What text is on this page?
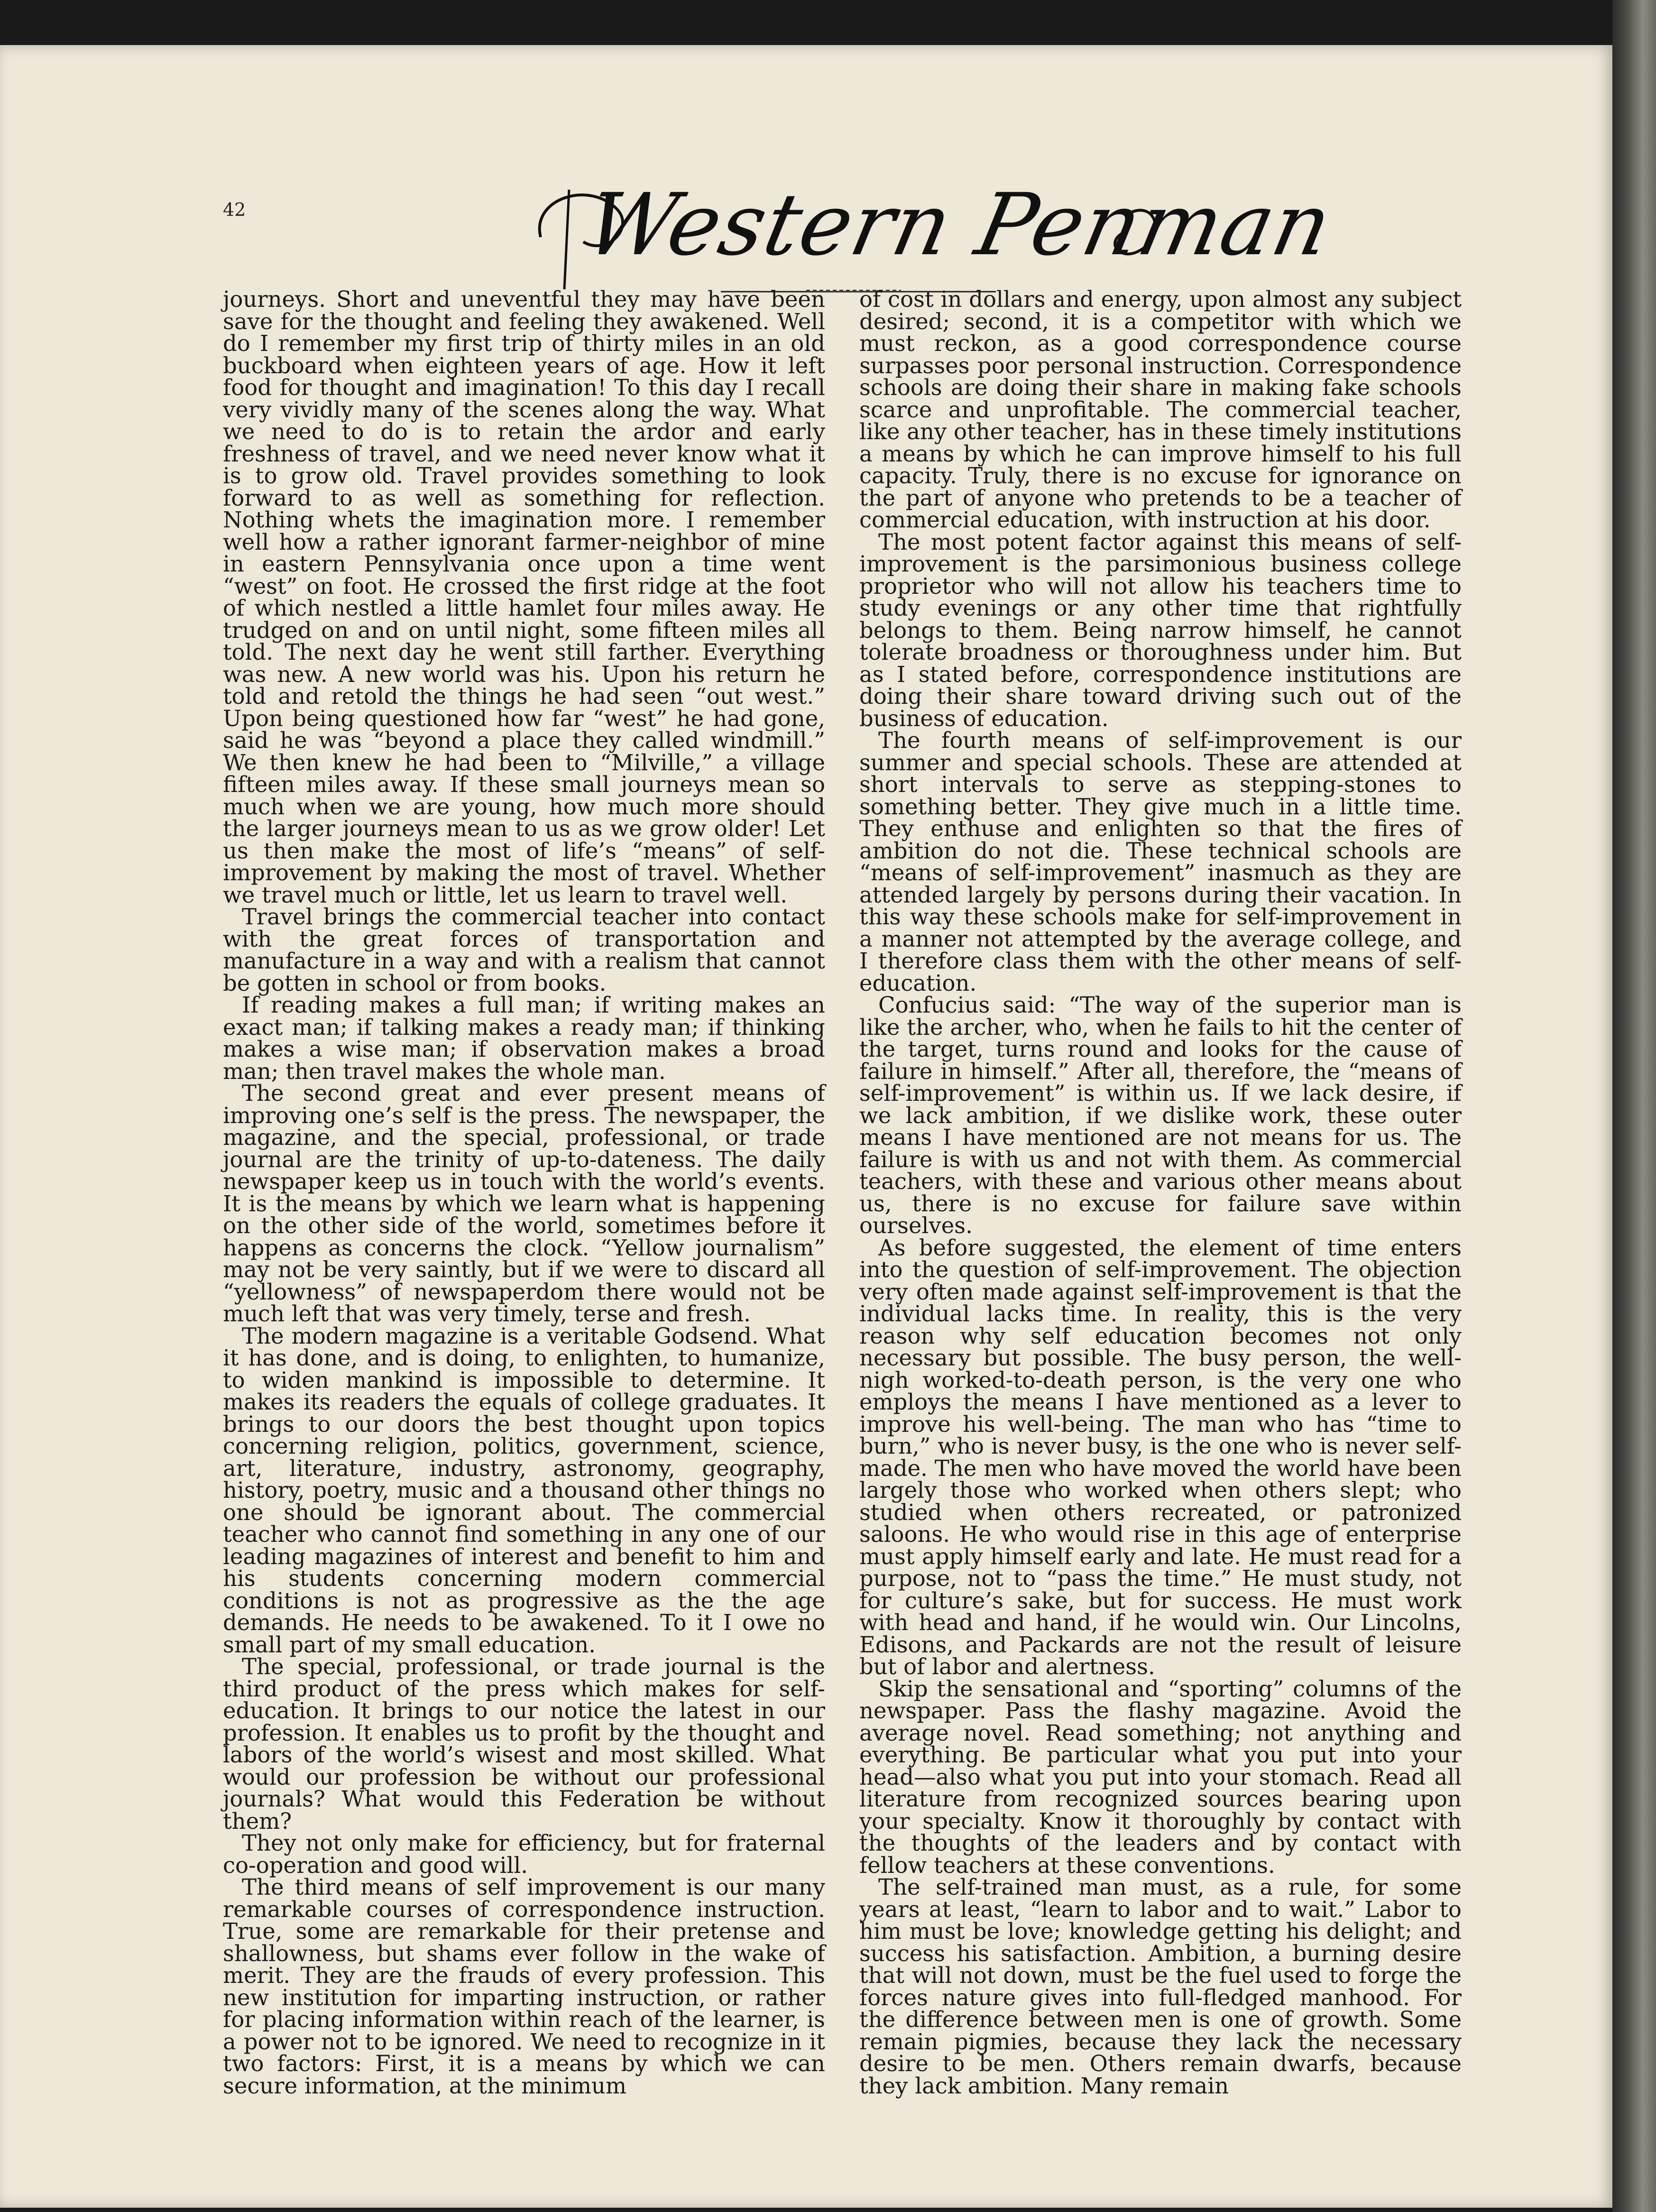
42	Western Penman

journeys. Short and uneventful they may have been save for the thought and feeling they awakened. Well do I remember my first trip of thirty miles in an old buckboard when eighteen years of age. How it left food for thought and imagination! To this day I recall very vividly many of the scenes along the way. What we need to do is to retain the ardor and early freshness of travel, and we need never know what it is to grow old. Travel provides something to look forward to as well as something for reflection. Nothing whets the imagination more. I remember well how a rather ignorant farmer-neighbor of mine in eastern Pennsylvania once upon a time went “west” on foot. He crossed the first ridge at the foot of which nestled a little hamlet four miles away. He trudged on and on until night, some fifteen miles all told. The next day he went still farther. Everything was new. A new world was his. Upon his return he told and retold the things he had seen “out west.” Upon being questioned how far “west” he had gone, said he was “beyond a place they called windmill.” We then knew he had been to “Milville,” a village fifteen miles away. If these small journeys mean so much when we are young, how much more should the larger journeys mean to us as we grow older! Let us then make the most of life’s “means” of self-improvement by making the most of travel. Whether we travel much or little, let us learn to travel well.

Travel brings the commercial teacher into contact with the great forces of transportation and manufacture in a way and with a realism that cannot be gotten in school or from books.

If reading makes a full man; if writing makes an exact man; if talking makes a ready man; if thinking makes a wise man; if observation makes a broad man; then travel makes the whole man.

The second great and ever present means of improving one’s self is the press. The newspaper, the magazine, and the special, professional, or trade journal are the trinity of up-to-dateness. The daily newspaper keep us in touch with the world’s events. It is the means by which we learn what is happening on the other side of the world, sometimes before it happens as concerns the clock. “Yellow journalism” may not be very saintly, but if we were to discard all “yellowness” of newspaperdom there would not be much left that was very timely, terse and fresh.

The modern magazine is a veritable Godsend. What it has done, and is doing, to enlighten, to humanize, to widen mankind is impossible to determine. It makes its readers the equals of college graduates. It brings to our doors the best thought upon topics concerning religion, politics, government, science, art, literature, industry, astronomy, geography, history, poetry, music and a thousand other things no one should be ignorant about. The commercial teacher who cannot find something in any one of our leading magazines of interest and benefit to him and his students concerning modern commercial conditions is not as progressive as the the age demands. He needs to be awakened. To it I owe no small part of my small education.

The special, professional, or trade journal is the third product of the press which makes for self-education. It brings to our notice the latest in our profession. It enables us to profit by the thought and labors of the world’s wisest and most skilled. What would our profession be without our professional journals? What would this Federation be without them?

They not only make for efficiency, but for fraternal co-operation and good will.

The third means of self improvement is our many remarkable courses of correspondence instruction. True, some are remarkable for their pretense and shallowness, but shams ever follow in the wake of merit. They are the frauds of every profession. This new institution for imparting instruction, or rather for placing information within reach of the learner, is a power not to be ignored. We need to recognize in it two factors: First, it is a means by which we can secure information, at the minimum

of cost in dollars and energy, upon almost any subject desired; second, it is a competitor with which we must reckon, as a good correspondence course surpasses poor personal instruction. Correspondence schools are doing their share in making fake schools scarce and unprofitable. The commercial teacher, like any other teacher, has in these timely institutions a means by which he can improve himself to his full capacity. Truly, there is no excuse for ignorance on the part of anyone who pretends to be a teacher of commercial education, with instruction at his door.

The most potent factor against this means of self-improvement is the parsimonious business college proprietor who will not allow his teachers time to study evenings or any other time that rightfully belongs to them. Being narrow himself, he cannot tolerate broadness or thoroughness under him. But as I stated before, correspondence institutions are doing their share toward driving such out of the business of education.

The fourth means of self-improvement is our summer and special schools. These are attended at short intervals to serve as stepping-stones to something better. They give much in a little time. They enthuse and enlighten so that the fires of ambition do not die. These technical schools are “means of self-improvement” inasmuch as they are attended largely by persons during their vacation. In this way these schools make for self-improvement in a manner not attempted by the average college, and I therefore class them with the other means of self-education.

Confucius said: “The way of the superior man is like the archer, who, when he fails to hit the center of the target, turns round and looks for the cause of failure in himself.” After all, therefore, the “means of self-improvement” is within us. If we lack desire, if we lack ambition, if we dislike work, these outer means I have mentioned are not means for us. The failure is with us and not with them. As commercial teachers, with these and various other means about us, there is no excuse for failure save within ourselves.

As before suggested, the element of time enters into the question of self-improvement. The objection very often made against self-improvement is that the individual lacks time. In reality, this is the very reason why self education becomes not only necessary but possible. The busy person, the well-nigh worked-to-death person, is the very one who employs the means I have mentioned as a lever to improve his well-being. The man who has “time to burn,” who is never busy, is the one who is never self-made. The men who have moved the world have been largely those who worked when others slept; who studied when others recreated, or patronized saloons. He who would rise in this age of enterprise must apply himself early and late. He must read for a purpose, not to “pass the time.” He must study, not for culture’s sake, but for success. He must work with head and hand, if he would win. Our Lincolns, Edisons, and Packards are not the result of leisure but of labor and alertness.

Skip the sensational and “sporting” columns of the newspaper. Pass the flashy magazine. Avoid the average novel. Read something; not anything and everything. Be particular what you put into your head—also what you put into your stomach. Read all literature from recognized sources bearing upon your specialty. Know it thoroughly by contact with the thoughts of the leaders and by contact with fellow teachers at these conventions.

The self-trained man must, as a rule, for some years at least, “learn to labor and to wait.” Labor to him must be love; knowledge getting his delight; and success his satisfaction. Ambition, a burning desire that will not down, must be the fuel used to forge the forces nature gives into full-fledged manhood. For the difference between men is one of growth. Some remain pigmies, because they lack the necessary desire to be men. Others remain dwarfs, because they lack ambition. Many remain
